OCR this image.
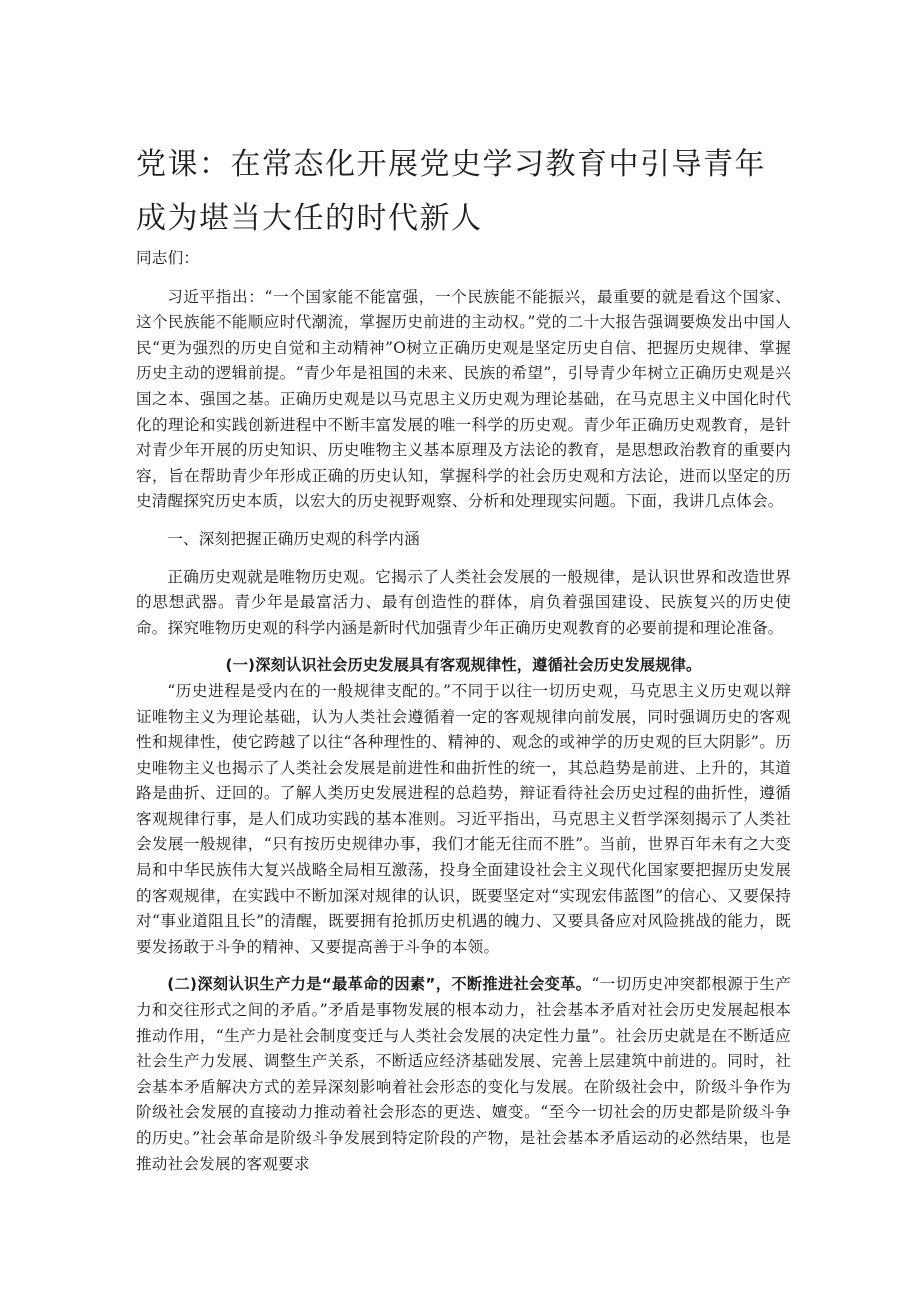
党课：在常态化开展党史学习教育中引导青年成为堪当大任的时代新人

同志们：

习近平指出：“一个国家能不能富强，一个民族能不能振兴，最重要的就是看这个国家、这个民族能不能顺应时代潮流，掌握历史前进的主动权。”党的二十大报告强调要焕发出中国人民“更为强烈的历史自觉和主动精神”O树立正确历史观是坚定历史自信、把握历史规律、掌握历史主动的逻辑前提。“青少年是祖国的未来、民族的希望”，引导青少年树立正确历史观是兴国之本、强国之基。正确历史观是以马克思主义历史观为理论基础，在马克思主义中国化时代化的理论和实践创新进程中不断丰富发展的唯一科学的历史观。青少年正确历史观教育，是针对青少年开展的历史知识、历史唯物主义基本原理及方法论的教育，是思想政治教育的重要内容，旨在帮助青少年形成正确的历史认知，掌握科学的社会历史观和方法论，进而以坚定的历史清醒探究历史本质，以宏大的历史视野观察、分析和处理现实问题。下面，我讲几点体会。

一、深刻把握正确历史观的科学内涵

正确历史观就是唯物历史观。它揭示了人类社会发展的一般规律，是认识世界和改造世界的思想武器。青少年是最富活力、最有创造性的群体，肩负着强国建设、民族复兴的历史使命。探究唯物历史观的科学内涵是新时代加强青少年正确历史观教育的必要前提和理论准备。

(一)深刻认识社会历史发展具有客观规律性，遵循社会历史发展规律。

“历史进程是受内在的一般规律支配的。”不同于以往一切历史观，马克思主义历史观以辩证唯物主义为理论基础，认为人类社会遵循着一定的客观规律向前发展，同时强调历史的客观性和规律性，使它跨越了以往“各种理性的、精神的、观念的或神学的历史观的巨大阴影”。历史唯物主义也揭示了人类社会发展是前进性和曲折性的统一，其总趋势是前进、上升的，其道路是曲折、迂回的。了解人类历史发展进程的总趋势，辩证看待社会历史过程的曲折性，遵循客观规律行事，是人们成功实践的基本准则。习近平指出，马克思主义哲学深刻揭示了人类社会发展一般规律，“只有按历史规律办事，我们才能无往而不胜”。当前，世界百年未有之大变局和中华民族伟大复兴战略全局相互激荡，投身全面建设社会主义现代化国家要把握历史发展的客观规律，在实践中不断加深对规律的认识，既要坚定对“实现宏伟蓝图”的信心、又要保持对“事业道阻且长”的清醒，既要拥有抢抓历史机遇的魄力、又要具备应对风险挑战的能力，既要发扬敢于斗争的精神、又要提高善于斗争的本领。

(二)深刻认识生产力是“最革命的因素”，不断推进社会变革。“一切历史冲突都根源于生产力和交往形式之间的矛盾。”矛盾是事物发展的根本动力，社会基本矛盾对社会历史发展起根本推动作用，“生产力是社会制度变迁与人类社会发展的决定性力量”。社会历史就是在不断适应社会生产力发展、调整生产关系，不断适应经济基础发展、完善上层建筑中前进的。同时，社会基本矛盾解决方式的差异深刻影响着社会形态的变化与发展。在阶级社会中，阶级斗争作为阶级社会发展的直接动力推动着社会形态的更迭、嬗变。“至今一切社会的历史都是阶级斗争的历史。”社会革命是阶级斗争发展到特定阶段的产物，是社会基本矛盾运动的必然结果，也是推动社会发展的客观要求
